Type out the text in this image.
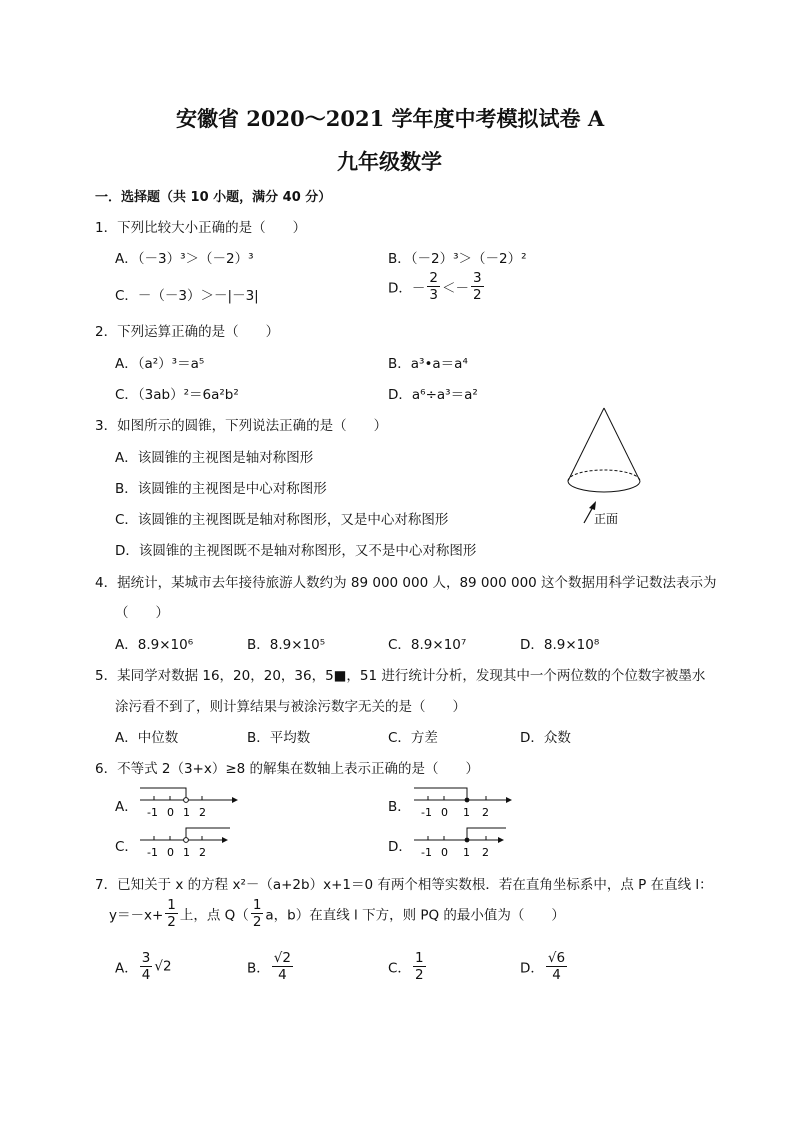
安徽省 2020～2021 学年度中考模拟试卷 A
九年级数学
一．选择题（共 10 小题，满分 40 分）
1．下列比较大小正确的是（　　）
A．（－3）³＞（－2）³	B．（－2）³＞（－2）²
C．－（－3）＞－|－3|	D．－ $\frac{2}{3} <- \frac{3}{2}$
2．下列运算正确的是（　　）
A．（a²）³＝a⁵	B．a³•a＝a⁴
C．（3ab）²＝6a²b²	D．a⁶÷a³＝a²
3．如图所示的圆锥，下列说法正确的是（　　）
A．该圆锥的主视图是轴对称图形
B．该圆锥的主视图是中心对称图形
C．该圆锥的主视图既是轴对称图形，又是中心对称图形
D．该圆锥的主视图既不是轴对称图形，又不是中心对称图形
正面
4．据统计，某城市去年接待旅游人数约为 89 000 000 人，89 000 000 这个数据用科学记数法表示为
（　　）
A．8.9×10⁶	B．8.9×10⁵	C．8.9×10⁷	D．8.9×10⁸
5．某同学对数据 16，20，20，36，5■，51 进行统计分析，发现其中一个两位数的个位数字被墨水
涂污看不到了，则计算结果与被涂污数字无关的是（　　）
A．中位数	B．平均数	C．方差	D．众数
6．不等式 2（3+x）≥8 的解集在数轴上表示正确的是（　　）
A． -1 0 1 2	B． -1 0 1 2
C． -1 0 1 2	D． -1 0 1 2
7．已知关于 x 的方程 x²－（a+2b）x+1＝0 有两个相等实数根．若在直角坐标系中，点 P 在直线 l：
$y=-x+ \frac{1}{2}$ 上，点 $Q( \frac{1}{2}$ a，b）在直线 l 下方，则 PQ 的最小值为（　　）
A． $\frac{3}{4} √2$	B． $\frac{√2}{4}$	C． $\frac{1}{2}$	D． $\frac{√6}{4}$
